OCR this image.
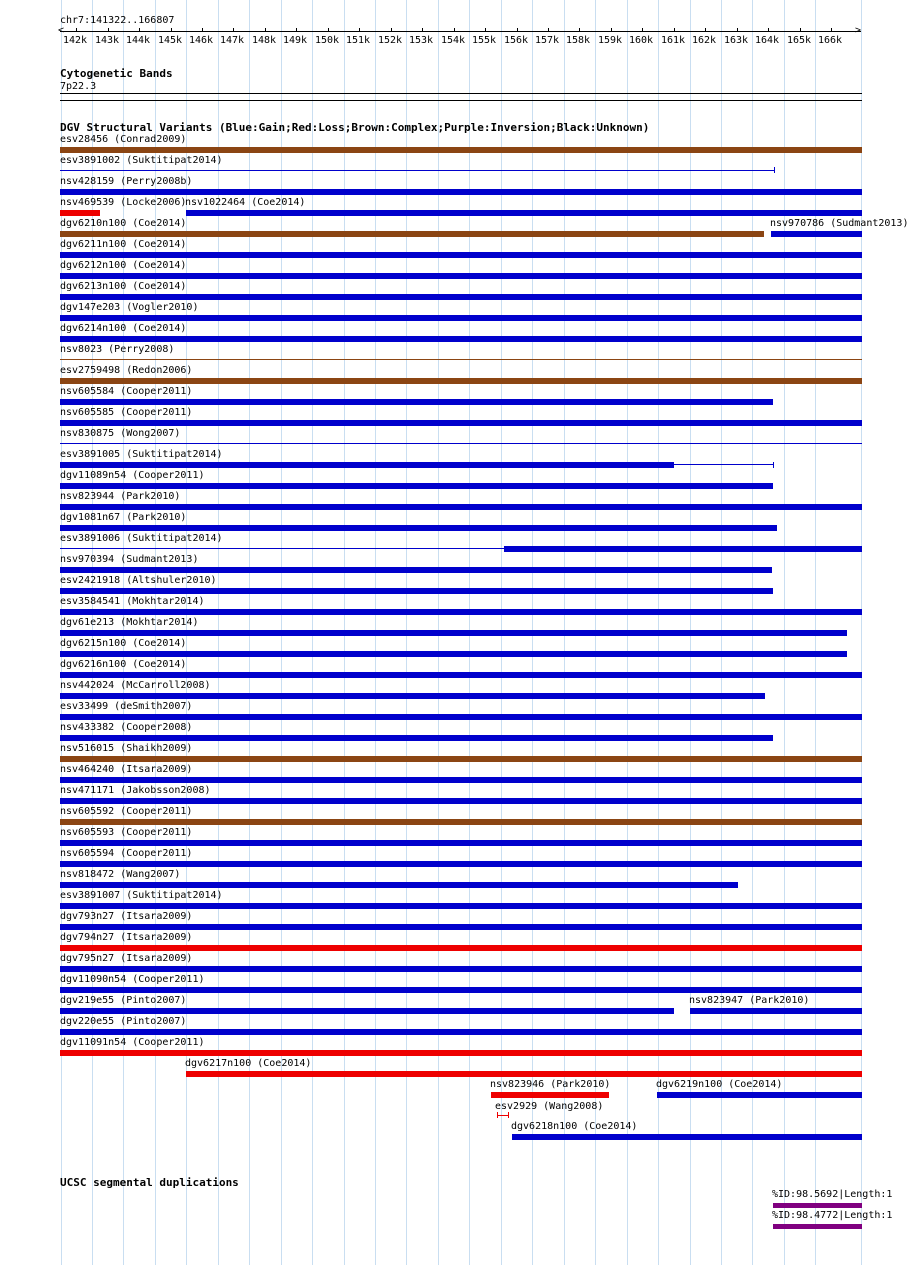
chr7:141322..166807
<	>
142k 143k 144k 145k 146k 147k 148k 149k 150k 151k 152k 153k 154k 155k 156k 157k 158k 159k 160k 161k 162k 163k 164k 165k 166k
Cytogenetic Bands
7p22.3
DGV Structural Variants (Blue:Gain;Red:Loss;Brown:Complex;Purple:Inversion;Black:Unknown)
esv28456 (Conrad2009)
esv3891002 (Suktitipat2014)
nsv428159 (Perry2008b)
nsv469539 (Locke2006)
nsv1022464 (Coe2014)
dgv6210n100 (Coe2014)	nsv970786 (Sudmant2013)
dgv6211n100 (Coe2014)
dgv6212n100 (Coe2014)
dgv6213n100 (Coe2014)
dgv147e203 (Vogler2010)
dgv6214n100 (Coe2014)
nsv8023 (Perry2008)
esv2759498 (Redon2006)
nsv605584 (Cooper2011)
nsv605585 (Cooper2011)
nsv830875 (Wong2007)
esv3891005 (Suktitipat2014)
dgv11089n54 (Cooper2011)
nsv823944 (Park2010)
dgv1081n67 (Park2010)
esv3891006 (Suktitipat2014)
nsv970394 (Sudmant2013)
esv2421918 (Altshuler2010)
esv3584541 (Mokhtar2014)
dgv61e213 (Mokhtar2014)
dgv6215n100 (Coe2014)
dgv6216n100 (Coe2014)
nsv442024 (McCarroll2008)
esv33499 (deSmith2007)
nsv433382 (Cooper2008)
nsv516015 (Shaikh2009)
nsv464240 (Itsara2009)
nsv471171 (Jakobsson2008)
nsv605592 (Cooper2011)
nsv605593 (Cooper2011)
nsv605594 (Cooper2011)
nsv818472 (Wang2007)
esv3891007 (Suktitipat2014)
dgv793n27 (Itsara2009)
dgv794n27 (Itsara2009)
dgv795n27 (Itsara2009)
dgv11090n54 (Cooper2011)
dgv219e55 (Pinto2007)	nsv823947 (Park2010)
dgv220e55 (Pinto2007)
dgv11091n54 (Cooper2011)
dgv6217n100 (Coe2014)
nsv823946 (Park2010)	dgv6219n100 (Coe2014)
esv2929 (Wang2008)
dgv6218n100 (Coe2014)
UCSC segmental duplications
%ID:98.5692|Length:1
%ID:98.4772|Length:1
